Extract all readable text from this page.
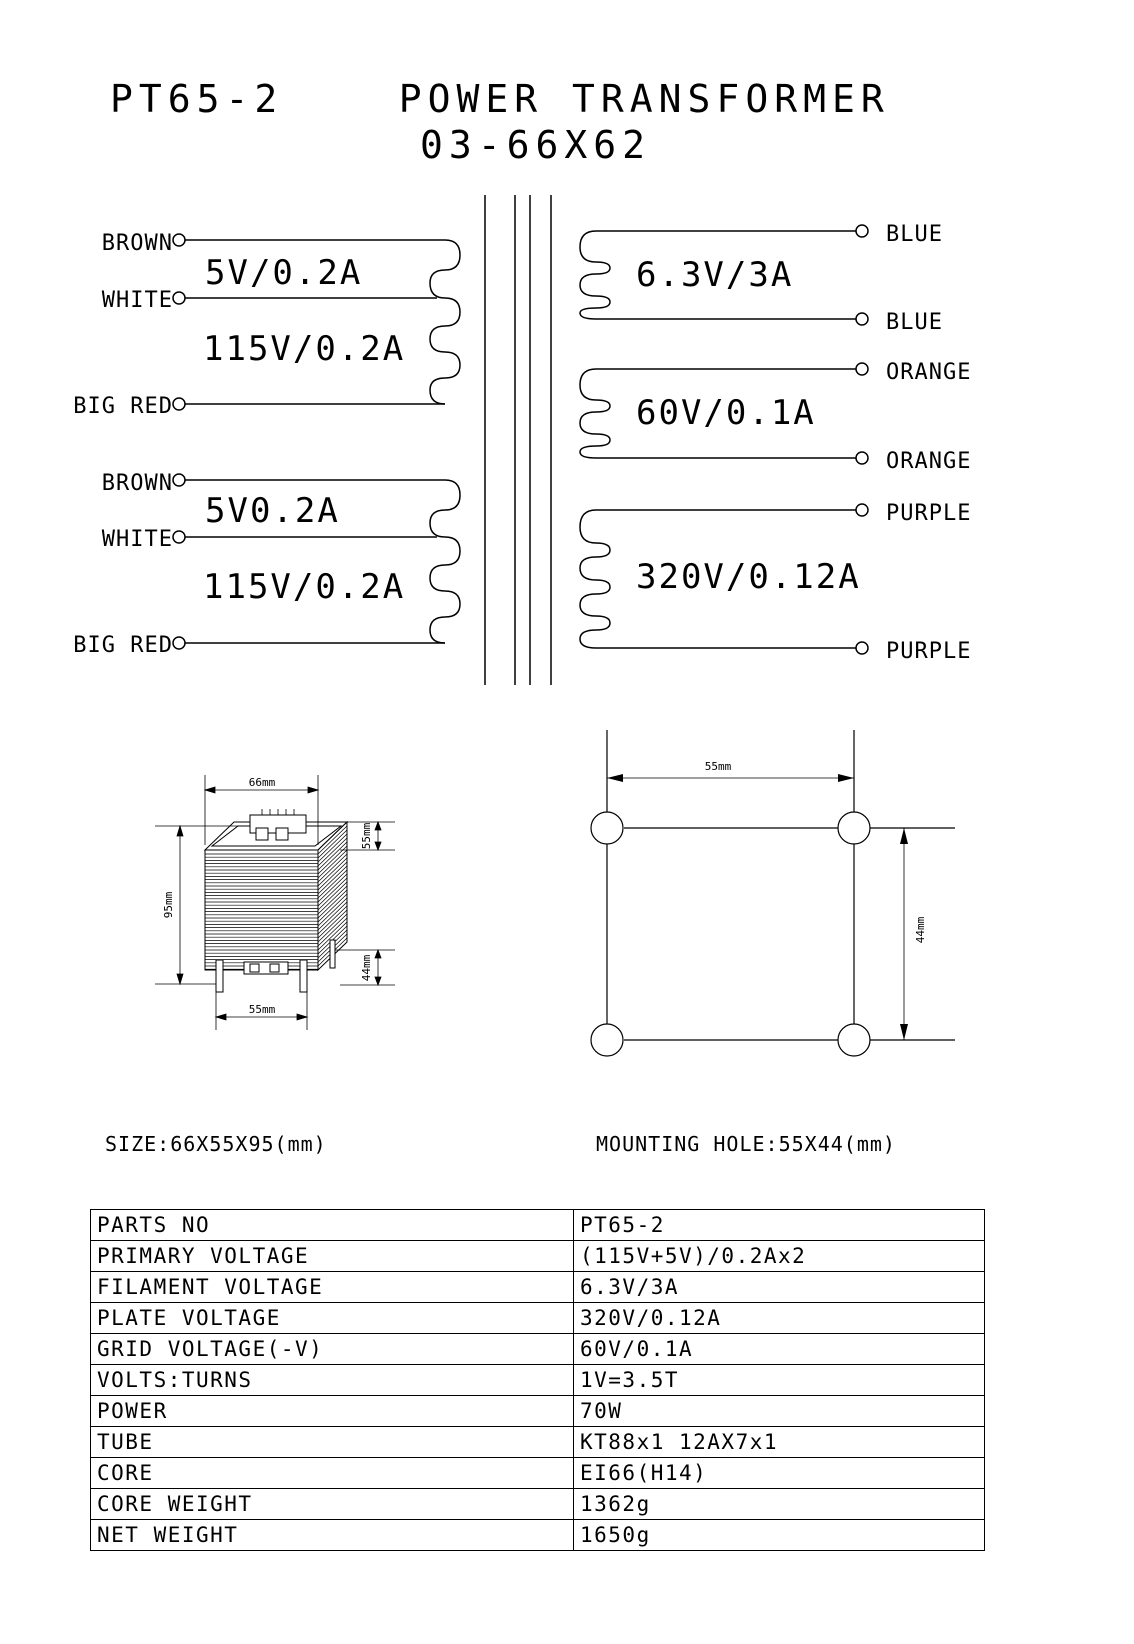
PT65-2    POWER TRANSFORMER
03-66X62
BROWN
WHITE
BIG RED
5V/0.2A
115V/0.2A
BROWN
WHITE
BIG RED
5V0.2A
115V/0.2A
BLUE
BLUE
6.3V/3A
ORANGE
ORANGE
60V/0.1A
PURPLE
PURPLE
320V/0.12A
66mm
95mm
55mm
44mm
55mm
55mm
44mm
SIZE:66X55X95(mm)	MOUNTING HOLE:55X44(mm)
PARTS NO	PT65-2
PRIMARY VOLTAGE	(115V+5V)/0.2Ax2
FILAMENT VOLTAGE	6.3V/3A
PLATE VOLTAGE	320V/0.12A
GRID VOLTAGE(-V)	60V/0.1A
VOLTS:TURNS	1V=3.5T
POWER	70W
TUBE	KT88x1 12AX7x1
CORE	EI66(H14)
CORE WEIGHT	1362g
NET WEIGHT	1650g
